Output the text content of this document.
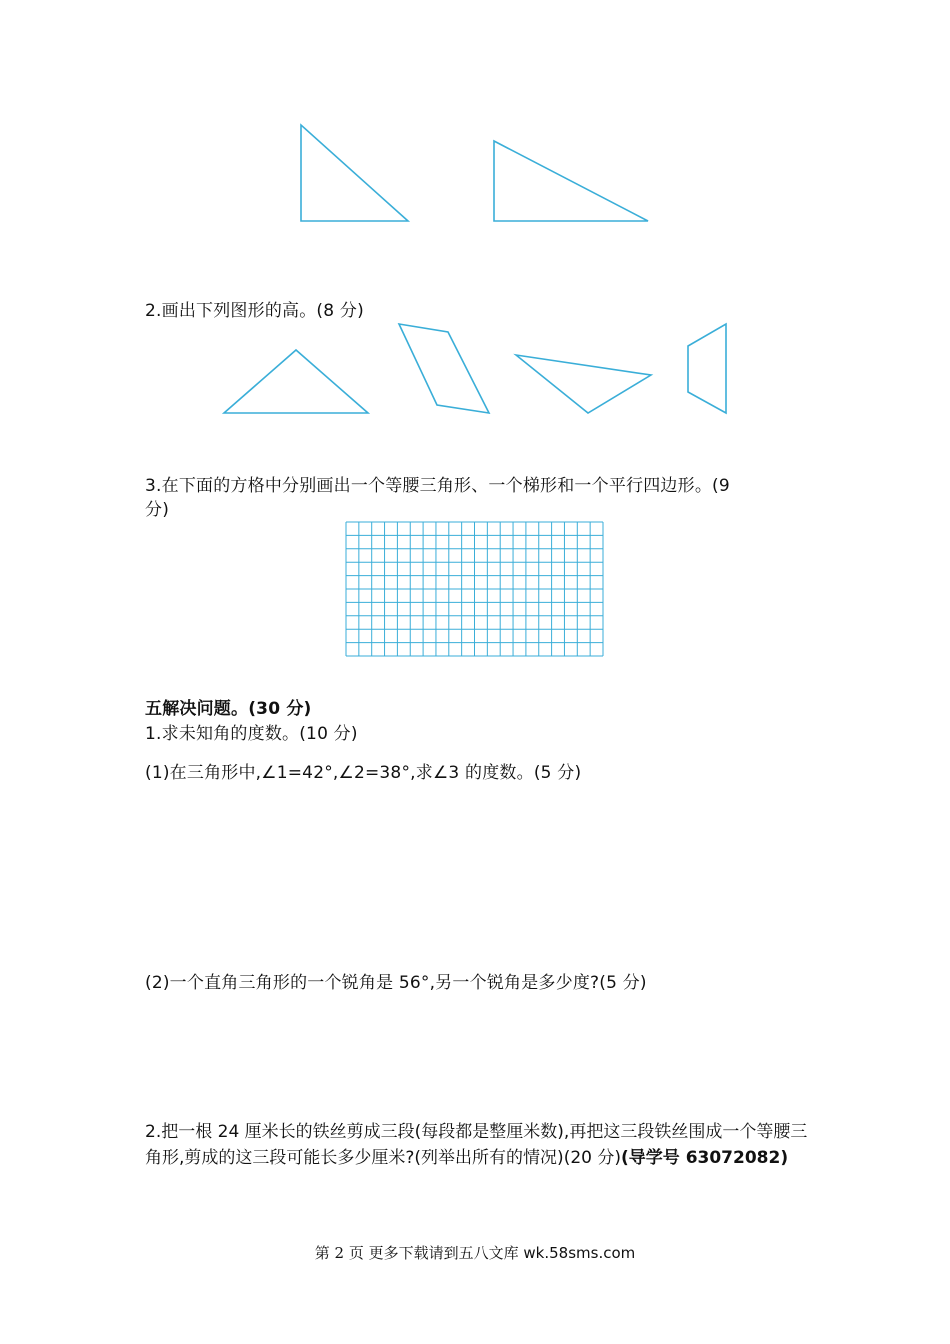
2.画出下列图形的高。(8 分)
3.在下面的方格中分别画出一个等腰三角形、一个梯形和一个平行四边形。(9
分)
五解决问题。(30 分)
1.求未知角的度数。(10 分)
(1)在三角形中,∠1=42°,∠2=38°,求∠3 的度数。(5 分)
(2)一个直角三角形的一个锐角是 56°,另一个锐角是多少度?(5 分)
2.把一根 24 厘米长的铁丝剪成三段(每段都是整厘米数),再把这三段铁丝围成一个等腰三角形,剪成的这三段可能长多少厘米?(列举出所有的情况)(20 分)(导学号 63072082)
第 2 页 更多下载请到五八文库 wk.58sms.com
